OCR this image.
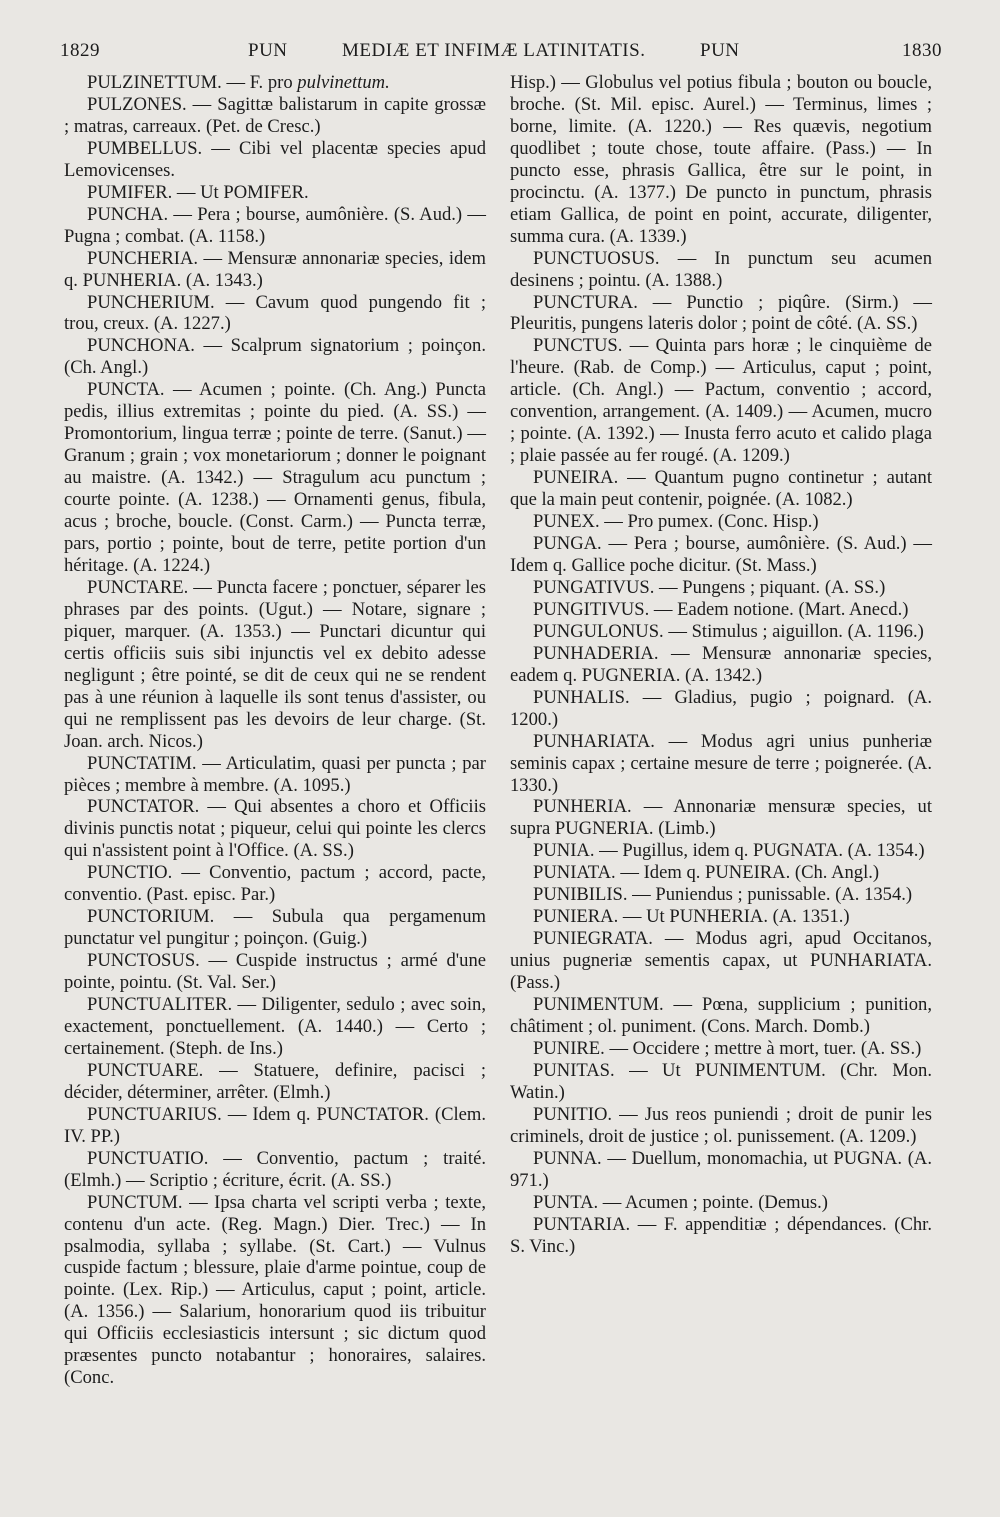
1829	PUN	MEDIÆ ET INFIMÆ LATINITATIS.	PUN	1830

PULZINETTUM. — F. pro pulvinettum.

PULZONES. — Sagittæ balistarum in capite grossæ ; matras, carreaux. (Pet. de Cresc.)

PUMBELLUS. — Cibi vel placentæ species apud Lemovicenses.

PUMIFER. — Ut POMIFER.

PUNCHA. — Pera ; bourse, aumônière. (S. Aud.) — Pugna ; combat. (A. 1158.)

PUNCHERIA. — Mensuræ annonariæ species, idem q. PUNHERIA. (A. 1343.)

PUNCHERIUM. — Cavum quod pungendo fit ; trou, creux. (A. 1227.)

PUNCHONA. — Scalprum signatorium ; poinçon. (Ch. Angl.)

PUNCTA. — Acumen ; pointe. (Ch. Ang.) Puncta pedis, illius extremitas ; pointe du pied. (A. SS.) — Promontorium, lingua terræ ; pointe de terre. (Sanut.) — Granum ; grain ; vox monetariorum ; donner le poignant au maistre. (A. 1342.) — Stragulum acu punctum ; courte pointe. (A. 1238.) — Ornamenti genus, fibula, acus ; broche, boucle. (Const. Carm.) — Puncta terræ, pars, portio ; pointe, bout de terre, petite portion d'un héritage. (A. 1224.)

PUNCTARE. — Puncta facere ; ponctuer, séparer les phrases par des points. (Ugut.) — Notare, signare ; piquer, marquer. (A. 1353.) — Punctari dicuntur qui certis officiis suis sibi injunctis vel ex debito adesse negligunt ; être pointé, se dit de ceux qui ne se rendent pas à une réunion à laquelle ils sont tenus d'assister, ou qui ne remplissent pas les devoirs de leur charge. (St. Joan. arch. Nicos.)

PUNCTATIM. — Articulatim, quasi per puncta ; par pièces ; membre à membre. (A. 1095.)

PUNCTATOR. — Qui absentes a choro et Officiis divinis punctis notat ; piqueur, celui qui pointe les clercs qui n'assistent point à l'Office. (A. SS.)

PUNCTIO. — Conventio, pactum ; accord, pacte, conventio. (Past. episc. Par.)

PUNCTORIUM. — Subula qua pergamenum punctatur vel pungitur ; poinçon. (Guig.)

PUNCTOSUS. — Cuspide instructus ; armé d'une pointe, pointu. (St. Val. Ser.)

PUNCTUALITER. — Diligenter, sedulo ; avec soin, exactement, ponctuellement. (A. 1440.) — Certo ; certainement. (Steph. de Ins.)

PUNCTUARE. — Statuere, definire, pacisci ; décider, déterminer, arrêter. (Elmh.)

PUNCTUARIUS. — Idem q. PUNCTATOR. (Clem. IV. PP.)

PUNCTUATIO. — Conventio, pactum ; traité. (Elmh.) — Scriptio ; écriture, écrit. (A. SS.)

PUNCTUM. — Ipsa charta vel scripti verba ; texte, contenu d'un acte. (Reg. Magn.) Dier. Trec.) — In psalmodia, syllaba ; syllabe. (St. Cart.) — Vulnus cuspide factum ; blessure, plaie d'arme pointue, coup de pointe. (Lex. Rip.) — Articulus, caput ; point, article. (A. 1356.) — Salarium, honorarium quod iis tribuitur qui Officiis ecclesiasticis intersunt ; sic dictum quod præsentes puncto notabantur ; honoraires, salaires. (Conc.

Hisp.) — Globulus vel potius fibula ; bouton ou boucle, broche. (St. Mil. episc. Aurel.) — Terminus, limes ; borne, limite. (A. 1220.) — Res quævis, negotium quodlibet ; toute chose, toute affaire. (Pass.) — In puncto esse, phrasis Gallica, être sur le point, in procinctu. (A. 1377.) De puncto in punctum, phrasis etiam Gallica, de point en point, accurate, diligenter, summa cura. (A. 1339.)

PUNCTUOSUS. — In punctum seu acumen desinens ; pointu. (A. 1388.)

PUNCTURA. — Punctio ; piqûre. (Sirm.) — Pleuritis, pungens lateris dolor ; point de côté. (A. SS.)

PUNCTUS. — Quinta pars horæ ; le cinquième de l'heure. (Rab. de Comp.) — Articulus, caput ; point, article. (Ch. Angl.) — Pactum, conventio ; accord, convention, arrangement. (A. 1409.) — Acumen, mucro ; pointe. (A. 1392.) — Inusta ferro acuto et calido plaga ; plaie passée au fer rougé. (A. 1209.)

PUNEIRA. — Quantum pugno continetur ; autant que la main peut contenir, poignée. (A. 1082.)

PUNEX. — Pro pumex. (Conc. Hisp.)

PUNGA. — Pera ; bourse, aumônière. (S. Aud.) — Idem q. Gallice poche dicitur. (St. Mass.)

PUNGATIVUS. — Pungens ; piquant. (A. SS.)

PUNGITIVUS. — Eadem notione. (Mart. Anecd.)

PUNGULONUS. — Stimulus ; aiguillon. (A. 1196.)

PUNHADERIA. — Mensuræ annonariæ species, eadem q. PUGNERIA. (A. 1342.)

PUNHALIS. — Gladius, pugio ; poignard. (A. 1200.)

PUNHARIATA. — Modus agri unius punheriæ seminis capax ; certaine mesure de terre ; poignerée. (A. 1330.)

PUNHERIA. — Annonariæ mensuræ species, ut supra PUGNERIA. (Limb.)

PUNIA. — Pugillus, idem q. PUGNATA. (A. 1354.)

PUNIATA. — Idem q. PUNEIRA. (Ch. Angl.)

PUNIBILIS. — Puniendus ; punissable. (A. 1354.)

PUNIERA. — Ut PUNHERIA. (A. 1351.)

PUNIEGRATA. — Modus agri, apud Occitanos, unius pugneriæ sementis capax, ut PUNHARIATA. (Pass.)

PUNIMENTUM. — Pœna, supplicium ; punition, châtiment ; ol. puniment. (Cons. March. Domb.)

PUNIRE. — Occidere ; mettre à mort, tuer. (A. SS.)

PUNITAS. — Ut PUNIMENTUM. (Chr. Mon. Watin.)

PUNITIO. — Jus reos puniendi ; droit de punir les criminels, droit de justice ; ol. punissement. (A. 1209.)

PUNNA. — Duellum, monomachia, ut PUGNA. (A. 971.)

PUNTA. — Acumen ; pointe. (Demus.)

PUNTARIA. — F. appenditiæ ; dépendances. (Chr. S. Vinc.)
